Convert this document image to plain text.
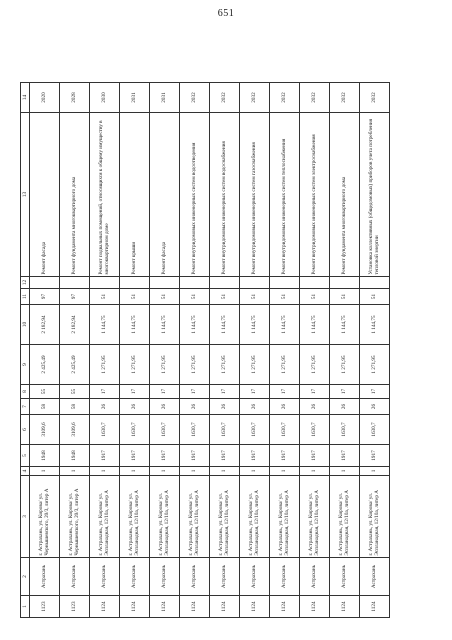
651
1	2	3	4	5	6	7	8	9	10	11	12	13	14
1123	Астрахань	г. Астрахань, ул. Кирова/ ул. Чернышевского, 20/3, литер А	1	1948	3109,6	58	55	2 425,49	2 182,94	97		Ремонт фасада	2020
1123	Астрахань	г. Астрахань, ул. Кирова/ ул. Чернышевского, 20/3, литер А	1	1948	3109,6	58	55	2 425,49	2 182,94	97		Ремонт фундамента многоквартирного дома	2028
1124	Астрахань	г. Астрахань, ул. Кирова/ ул. Эспланадная, 12/10а, литер А	1	1917	1630,7	26	17	1 271,95	1 144,75	51		Ремонт подвальных помещений, относящихся к общему имуществу в многоквартирном доме	2030
1124	Астрахань	г. Астрахань, ул. Кирова/ ул. Эспланадная, 12/10а, литер А	1	1917	1630,7	26	17	1 271,95	1 144,75	51		Ремонт крыши	2031
1124	Астрахань	г. Астрахань, ул. Кирова/ ул. Эспланадная, 12/10а, литер А	1	1917	1630,7	26	17	1 271,95	1 144,75	51		Ремонт фасада	2031
1124	Астрахань	г. Астрахань, ул. Кирова/ ул. Эспланадная, 12/10а, литер А	1	1917	1630,7	26	17	1 271,95	1 144,75	51		Ремонт внутридомовых инженерных систем водоотведения	2032
1124	Астрахань	г. Астрахань, ул. Кирова/ ул. Эспланадная, 12/10а, литер А	1	1917	1630,7	26	17	1 271,95	1 144,75	51		Ремонт внутридомовых инженерных систем водоснабжения	2032
1124	Астрахань	г. Астрахань, ул. Кирова/ ул. Эспланадная, 12/10а, литер А	1	1917	1630,7	26	17	1 271,95	1 144,75	51		Ремонт внутридомовых инженерных систем газоснабжения	2032
1124	Астрахань	г. Астрахань, ул. Кирова/ ул. Эспланадная, 12/10а, литер А	1	1917	1630,7	26	17	1 271,95	1 144,75	51		Ремонт внутридомовых инженерных систем теплоснабжения	2032
1124	Астрахань	г. Астрахань, ул. Кирова/ ул. Эспланадная, 12/10а, литер А	1	1917	1630,7	26	17	1 271,95	1 144,75	51		Ремонт внутридомовых инженерных систем электроснабжения	2032
1124	Астрахань	г. Астрахань, ул. Кирова/ ул. Эспланадная, 12/10а, литер А	1	1917	1630,7	26	17	1 271,95	1 144,75	51		Ремонт фундамента многоквартирного дома	2032
1124	Астрахань	г. Астрахань, ул. Кирова/ ул. Эспланадная, 12/10а, литер А	1	1917	1630,7	26	17	1 271,95	1 144,75	51		Установка коллективных (общедомовых) приборов учета потребления тепловой энергии	2032
